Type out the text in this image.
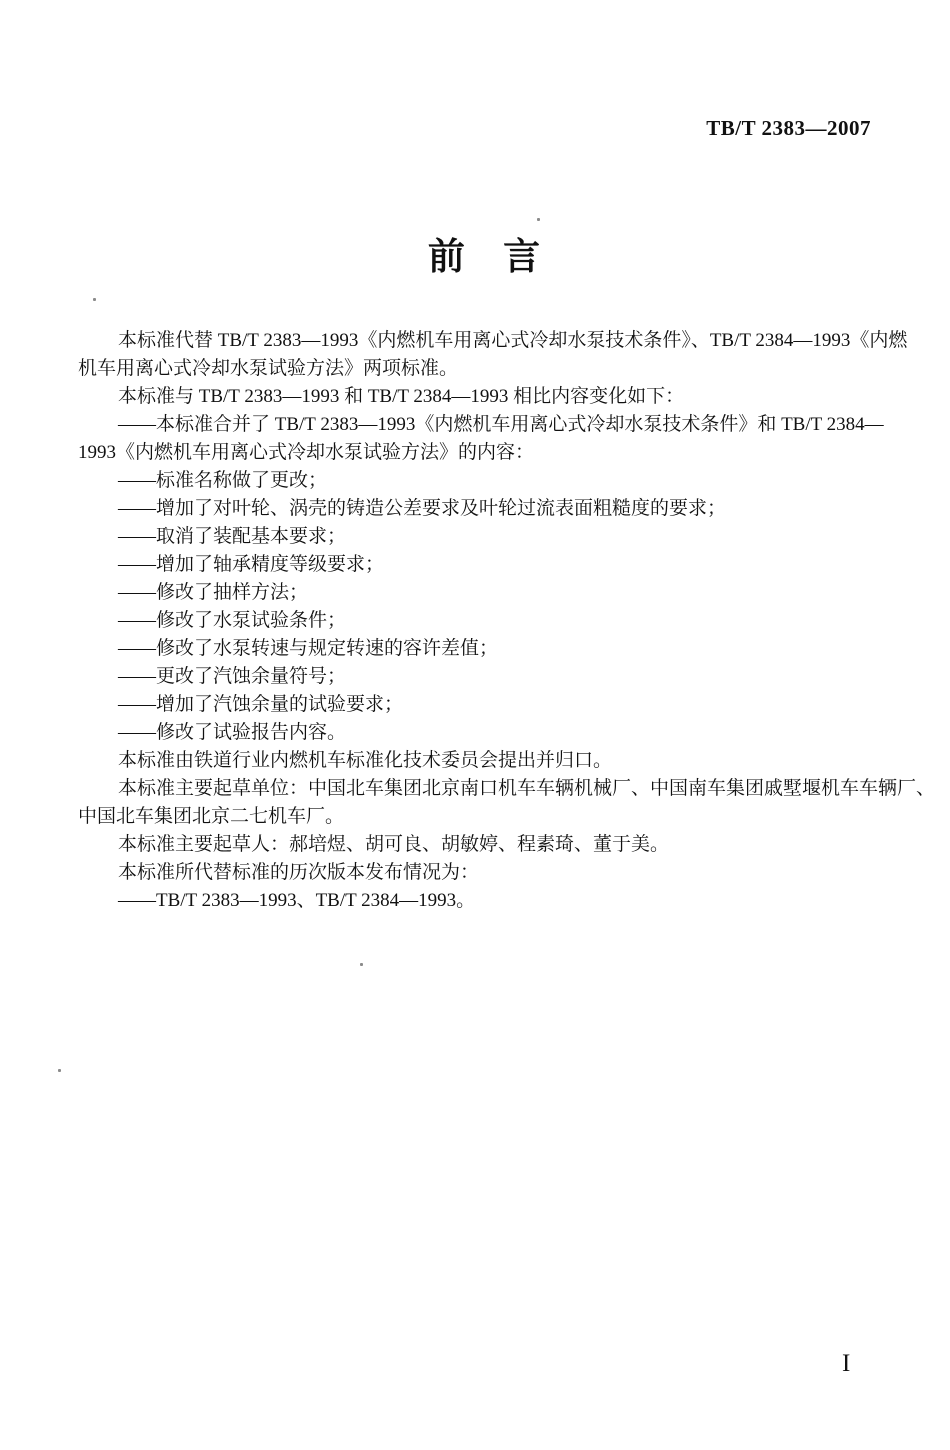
TB/T 2383—2007
前 言
本标准代替 TB/T 2383—1993《内燃机车用离心式冷却水泵技术条件》、TB/T 2384—1993《内燃
机车用离心式冷却水泵试验方法》两项标准。
本标准与 TB/T 2383—1993 和 TB/T 2384—1993 相比内容变化如下：
——本标准合并了 TB/T 2383—1993《内燃机车用离心式冷却水泵技术条件》和 TB/T 2384—
1993《内燃机车用离心式冷却水泵试验方法》的内容：
——标准名称做了更改；
——增加了对叶轮、涡壳的铸造公差要求及叶轮过流表面粗糙度的要求；
——取消了装配基本要求；
——增加了轴承精度等级要求；
——修改了抽样方法；
——修改了水泵试验条件；
——修改了水泵转速与规定转速的容许差值；
——更改了汽蚀余量符号；
——增加了汽蚀余量的试验要求；
——修改了试验报告内容。
本标准由铁道行业内燃机车标准化技术委员会提出并归口。
本标准主要起草单位：中国北车集团北京南口机车车辆机械厂、中国南车集团戚墅堰机车车辆厂、
中国北车集团北京二七机车厂。
本标准主要起草人：郝培煜、胡可良、胡敏婷、程素琦、董于美。
本标准所代替标准的历次版本发布情况为：
——TB/T 2383—1993、TB/T 2384—1993。
I
